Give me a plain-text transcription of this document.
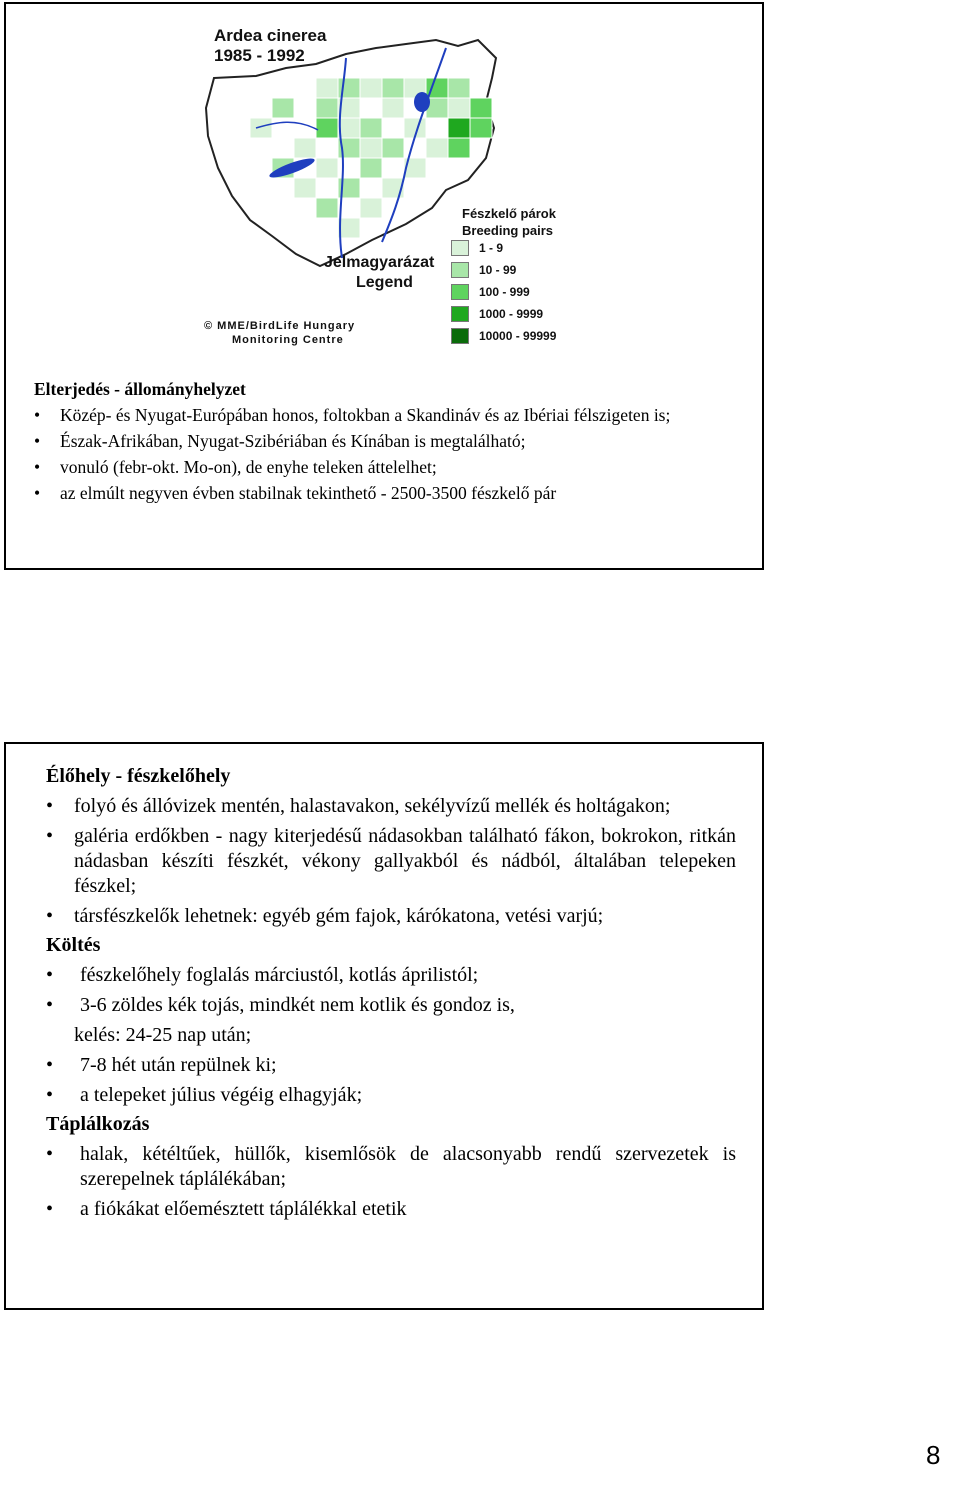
Ardea cinerea
1985 - 1992
Fészkelő párok
Breeding pairs
Jelmagyarázat
Legend
1 - 9
10 - 99
100 - 999
1000 - 9999
10000 - 99999
© MME/BirdLife Hungary
Monitoring Centre
Elterjedés - állományhelyzet
• Közép- és Nyugat-Európában honos, foltokban a Skandináv és az Ibériai félszigeten is;
• Észak-Afrikában, Nyugat-Szibériában és Kínában is megtalálható;
• vonuló (febr-okt. Mo-on), de enyhe teleken áttelelhet;
• az elmúlt negyven évben stabilnak tekinthető - 2500-3500 fészkelő pár
Élőhely - fészkelőhely
• folyó és állóvizek mentén, halastavakon, sekélyvízű mellék és holtágakon;
• galéria erdőkben - nagy kiterjedésű nádasokban található fákon, bokrokon, ritkán nádasban készíti fészkét, vékony gallyakból és nádból, általában telepeken fészkel;
• társfészkelők lehetnek: egyéb gém fajok, kárókatona, vetési varjú;
Költés
• fészkelőhely foglalás márciustól, kotlás áprilistól;
• 3-6 zöldes kék tojás, mindkét nem kotlik és gondoz is,
kelés: 24-25 nap után;
• 7-8 hét után repülnek ki;
• a telepeket július végéig elhagyják;
Táplálkozás
• halak, kétéltűek, hüllők, kisemlősök de alacsonyabb rendű szervezetek is szerepelnek táplálékában;
• a fiókákat előemésztett táplálékkal etetik
8
